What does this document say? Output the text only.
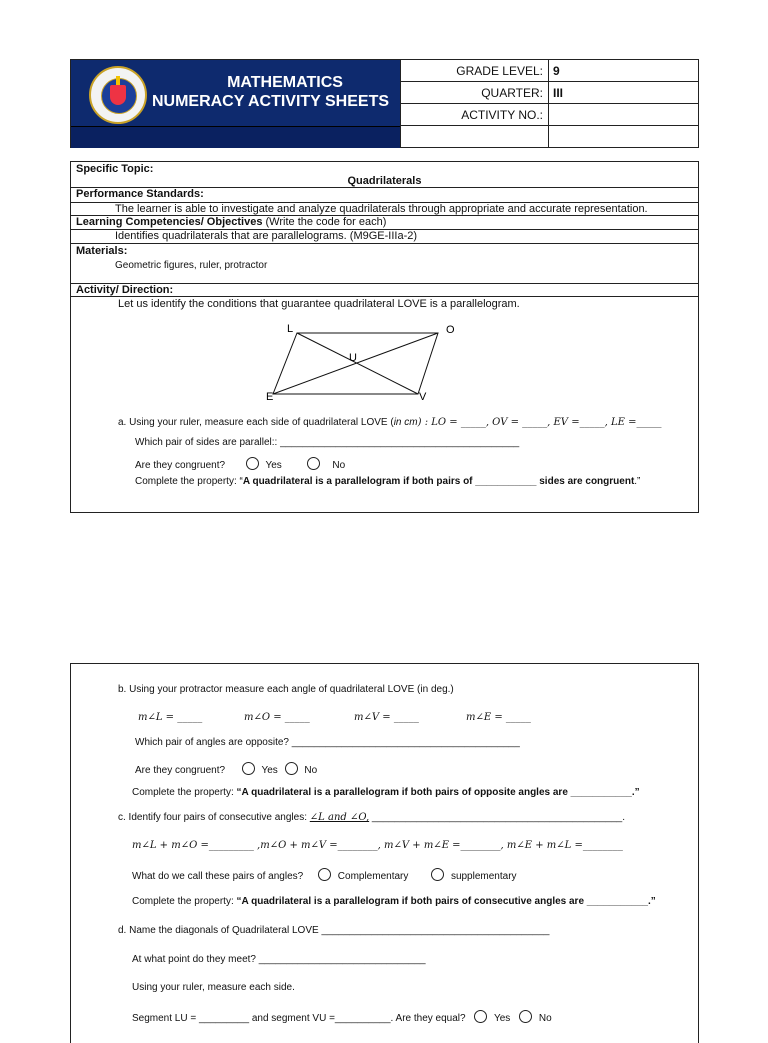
MATHEMATICS
NUMERACY ACTIVITY SHEETS
GRADE LEVEL: 9
QUARTER: III
ACTIVITY NO.:
Specific Topic:
Quadrilaterals
Performance Standards:
The learner is able to investigate and analyze quadrilaterals through appropriate and accurate representation.
Learning Competencies/ Objectives (Write the code for each)
Identifies quadrilaterals that are parallelograms. (M9GE-IIIa-2)
Materials:
Geometric figures, ruler, protractor
Activity/ Direction:
Let us identify the conditions that guarantee quadrilateral LOVE is a parallelogram.
L	O
U
E	V
a. Using your ruler, measure each side of quadrilateral LOVE (in cm) : LO = _____, OV = _____, EV =_____, LE =_____
Which pair of sides are parallel:: ___________________________________________
Are they congruent?	Yes	No
Complete the property: “A quadrilateral is a parallelogram if both pairs of ___________ sides are congruent.”
b. Using your protractor measure each angle of quadrilateral LOVE (in deg.)
m∠L = _____	m∠O = _____	m∠V = _____	m∠E = _____
Which pair of angles are opposite? _________________________________________
Are they congruent?	Yes	No
Complete the property: “A quadrilateral is a parallelogram if both pairs of opposite angles are ___________.”
c. Identify four pairs of consecutive angles: ∠L and ∠O, _____________________________________________.
m∠L + m∠O =_________ ,m∠O + m∠V =________, m∠V + m∠E =________, m∠E + m∠L =________
What do we call these pairs of angles?	Complementary	supplementary
Complete the property: “A quadrilateral is a parallelogram if both pairs of consecutive angles are ___________.”
d. Name the diagonals of Quadrilateral LOVE _________________________________________
At what point do they meet? ______________________________
Using your ruler, measure each side.
Segment LU = _________ and segment VU =__________. Are they equal?	Yes	No
